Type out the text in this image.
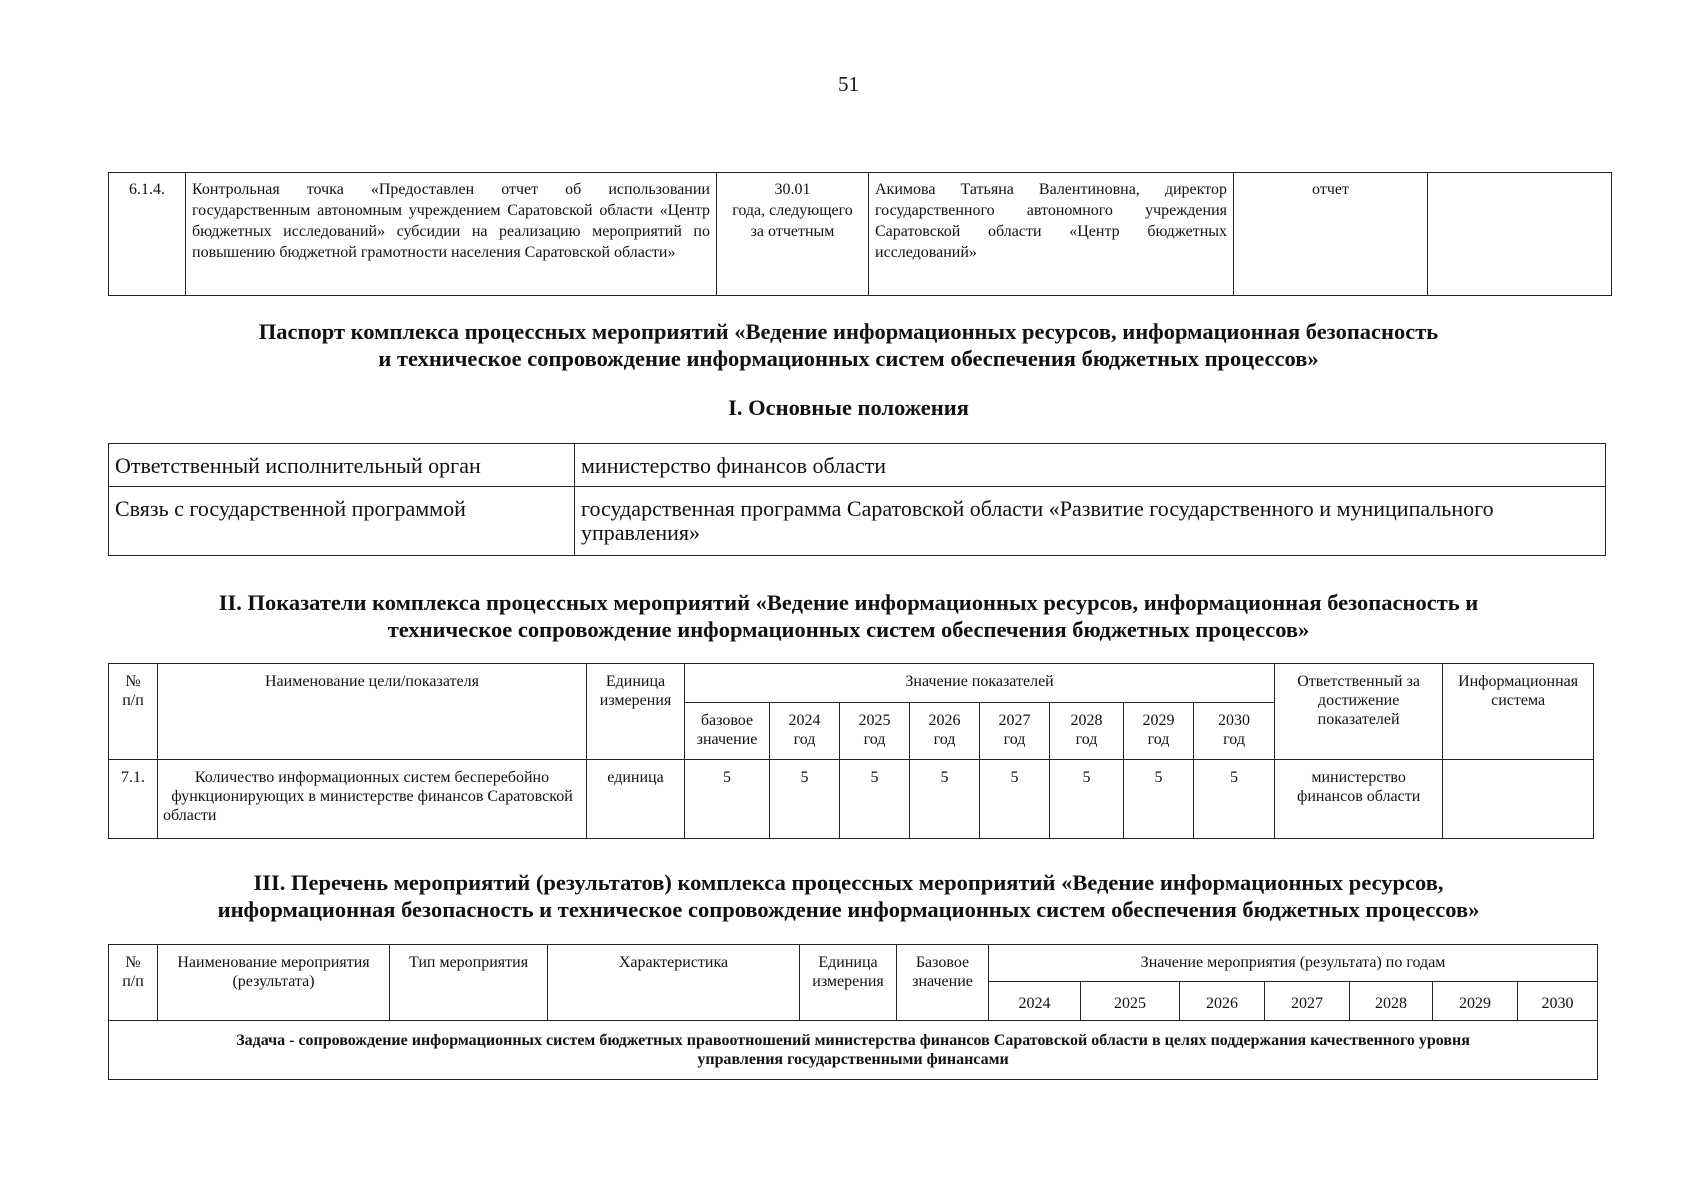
51
6.1.4.	Контрольная точка «Предоставлен отчет об использовании государственным автономным учреждением Саратовской области «Центр бюджетных исследований» субсидии на реализацию мероприятий по повышению бюджетной грамотности населения Саратовской области»	30.01
года, следующего
за отчетным	Акимова Татьяна Валентиновна, директор государственного автономного учреждения Саратовской области «Центр бюджетных исследований»	отчет	
Паспорт комплекса процессных мероприятий «Ведение информационных ресурсов, информационная безопасность
и техническое сопровождение информационных систем обеспечения бюджетных процессов»
I. Основные положения
Ответственный исполнительный орган	министерство финансов области
Связь с государственной программой	государственная программа Саратовской области «Развитие государственного и муниципального управления»
II. Показатели комплекса процессных мероприятий «Ведение информационных ресурсов, информационная безопасность и
техническое сопровождение информационных систем обеспечения бюджетных процессов»
№
п/п	Наименование цели/показателя	Единица
измерения	Значение показателей								Ответственный за
достижение
показателей	Информационная
система
			базовое
значение	2024
год	2025
год	2026
год	2027
год	2028
год	2029
год	2030
год		
7.1.	Количество информационных систем бесперебойно функционирующих в министерстве финансов Саратовской области	единица	5	5	5	5	5	5	5	5	министерство
финансов области	
III. Перечень мероприятий (результатов) комплекса процессных мероприятий «Ведение информационных ресурсов,
информационная безопасность и техническое сопровождение информационных систем обеспечения бюджетных процессов»
№
п/п	Наименование мероприятия
(результата)	Тип мероприятия	Характеристика	Единица
измерения	Базовое
значение	Значение мероприятия (результата) по годам						
						2024	2025	2026	2027	2028	2029	2030
Задача - сопровождение информационных систем бюджетных правоотношений министерства финансов Саратовской области в целях поддержания качественного уровня
управления государственными финансами												
